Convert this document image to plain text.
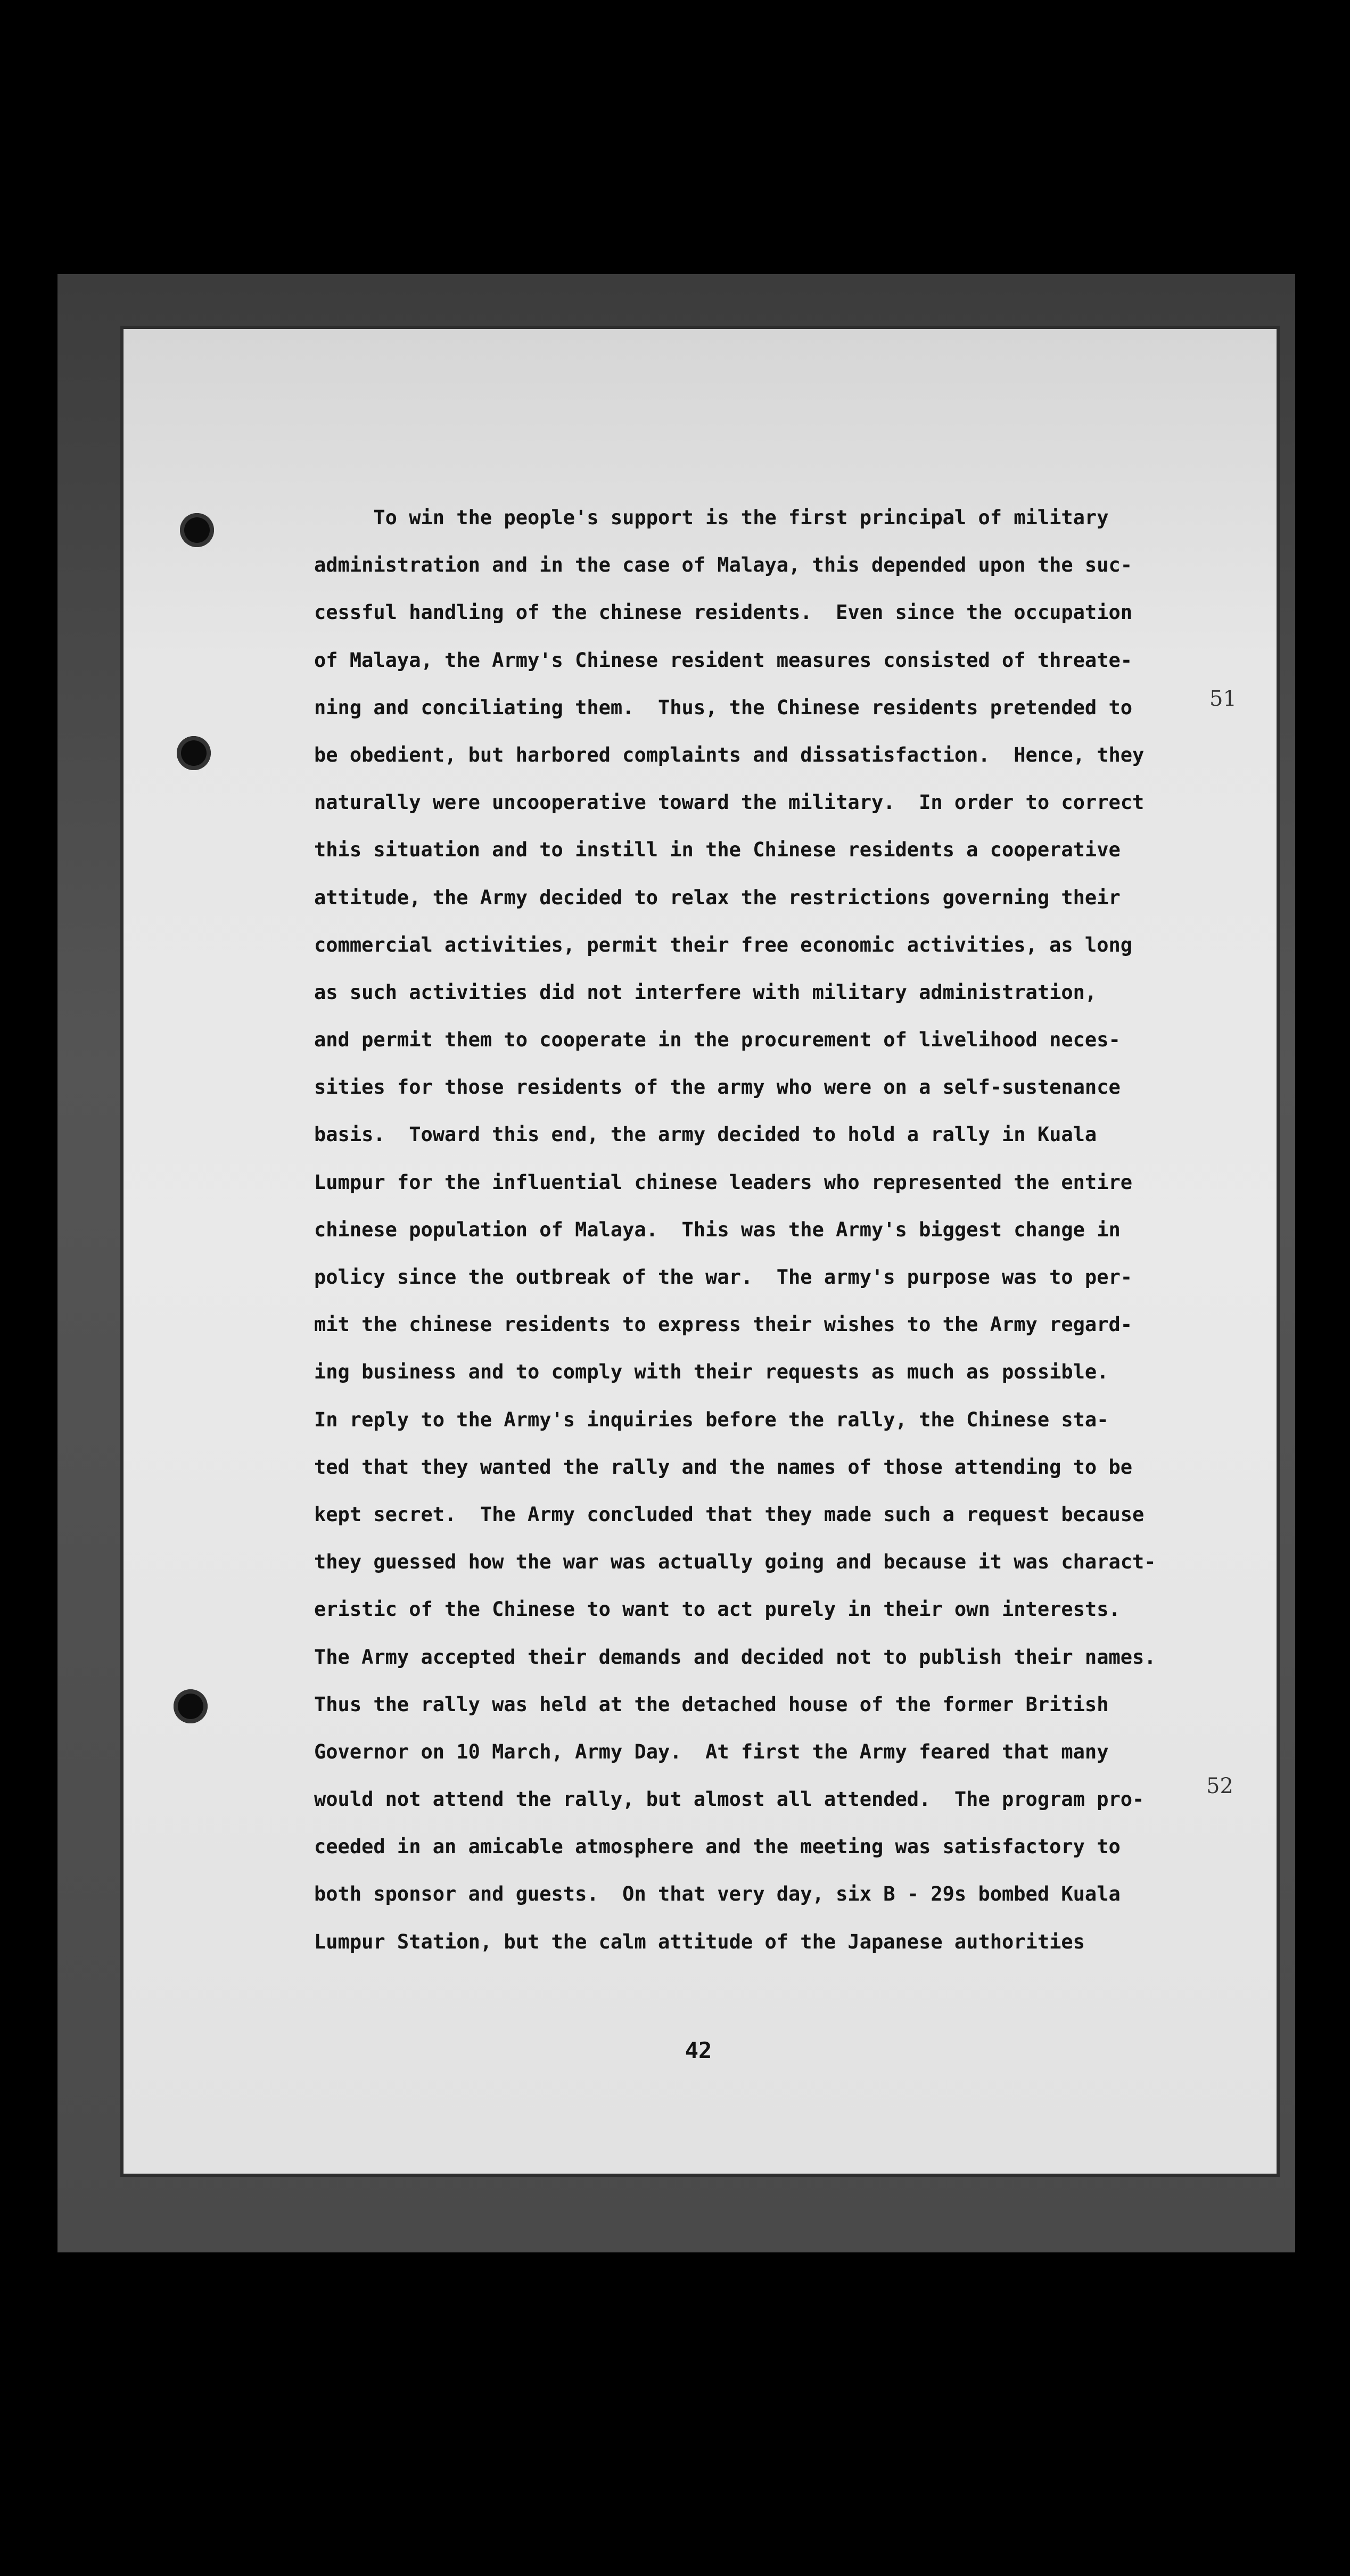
To win the people's support is the first principal of military
administration and in the case of Malaya, this depended upon the suc-
cessful handling of the chinese residents.  Even since the occupation
of Malaya, the Army's Chinese resident measures consisted of threate-
ning and conciliating them.  Thus, the Chinese residents pretended to
be obedient, but harbored complaints and dissatisfaction.  Hence, they
naturally were uncooperative toward the military.  In order to correct
this situation and to instill in the Chinese residents a cooperative
attitude, the Army decided to relax the restrictions governing their
commercial activities, permit their free economic activities, as long
as such activities did not interfere with military administration,
and permit them to cooperate in the procurement of livelihood neces-
sities for those residents of the army who were on a self-sustenance
basis.  Toward this end, the army decided to hold a rally in Kuala
Lumpur for the influential chinese leaders who represented the entire
chinese population of Malaya.  This was the Army's biggest change in
policy since the outbreak of the war.  The army's purpose was to per-
mit the chinese residents to express their wishes to the Army regard-
ing business and to comply with their requests as much as possible.
In reply to the Army's inquiries before the rally, the Chinese sta-
ted that they wanted the rally and the names of those attending to be
kept secret.  The Army concluded that they made such a request because
they guessed how the war was actually going and because it was charact-
eristic of the Chinese to want to act purely in their own interests.
The Army accepted their demands and decided not to publish their names.
Thus the rally was held at the detached house of the former British
Governor on 10 March, Army Day.  At first the Army feared that many
would not attend the rally, but almost all attended.  The program pro-
ceeded in an amicable atmosphere and the meeting was satisfactory to
both sponsor and guests.  On that very day, six B - 29s bombed Kuala
Lumpur Station, but the calm attitude of the Japanese authorities
51
52
42
